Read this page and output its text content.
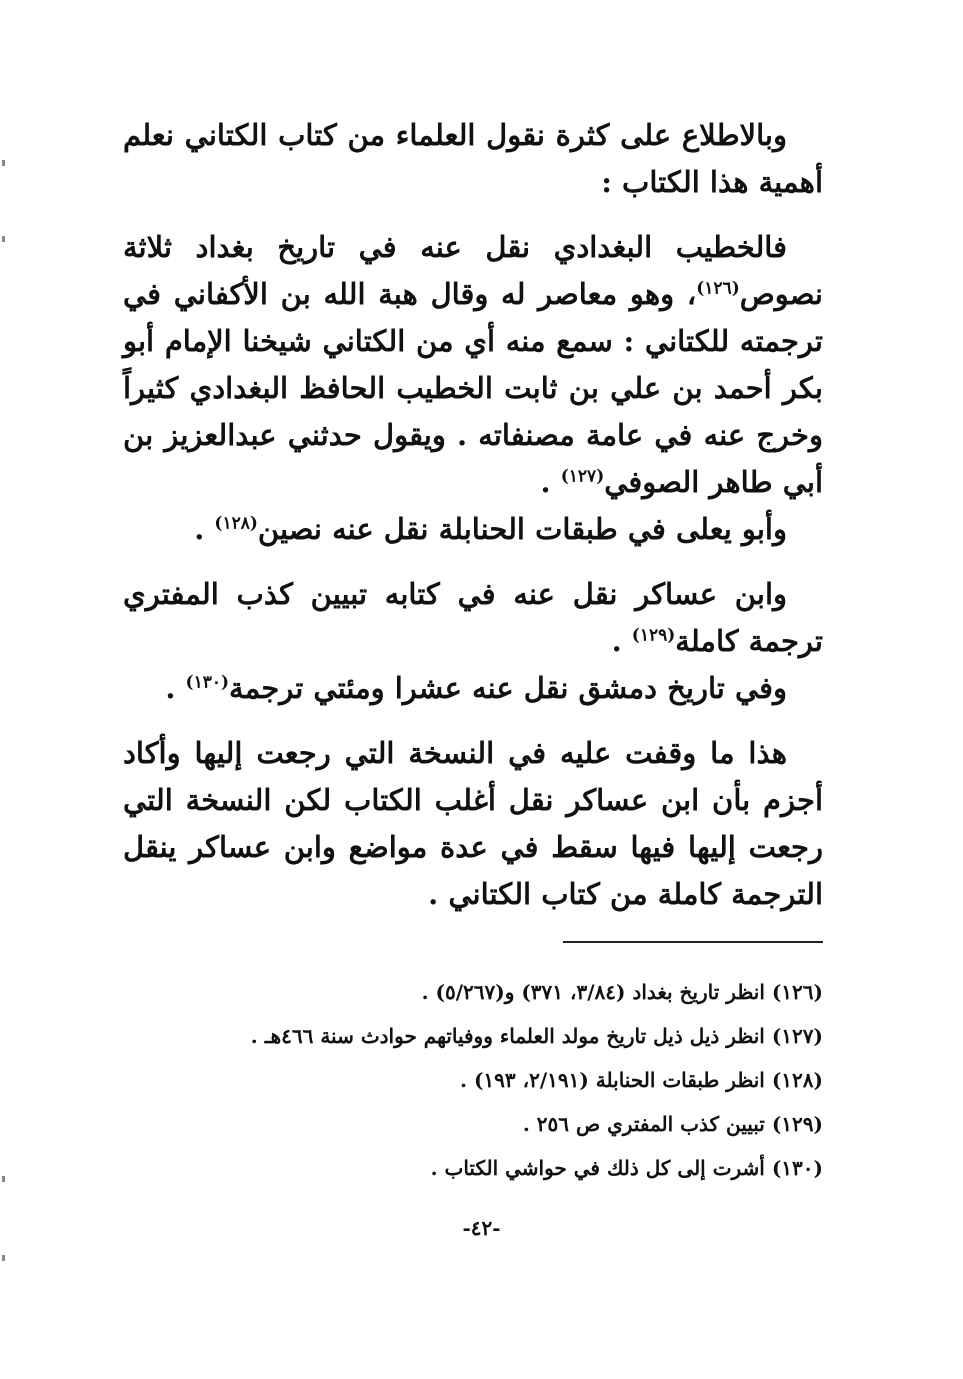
وبالاطلاع على كثرة نقول العلماء من كتاب الكتاني نعلم أهمية هذا الكتاب :

فالخطيب البغدادي نقل عنه في تاريخ بغداد ثلاثة نصوص$^{(١٢٦)}$، وهو معاصر له وقال هبة الله بن الأكفاني في ترجمته للكتاني : سمع منه أي من الكتاني شيخنا الإمام أبو بكر أحمد بن علي بن ثابت الخطيب الحافظ البغدادي كثيراً وخرج عنه في عامة مصنفاته . ويقول حدثني عبدالعزيز بن أبي طاهر الصوفي$^{(١٢٧)}$ .

وأبو يعلى في طبقات الحنابلة نقل عنه نصين$^{(١٢٨)}$ .

وابن عساكر نقل عنه في كتابه تبيين كذب المفتري ترجمة كاملة$^{(١٢٩)}$ .

وفي تاريخ دمشق نقل عنه عشرا ومئتي ترجمة$^{(١٣٠)}$ .

هذا ما وقفت عليه في النسخة التي رجعت إليها وأكاد أجزم بأن ابن عساكر نقل أغلب الكتاب لكن النسخة التي رجعت إليها فيها سقط في عدة مواضع وابن عساكر ينقل الترجمة كاملة من كتاب الكتاني .

(١٢٦) انظر تاريخ بغداد (٣/٨٤، ٣٧١) و(٥/٢٦٧) .
(١٢٧) انظر ذيل ذيل تاريخ مولد العلماء ووفياتهم حوادث سنة ٤٦٦هـ .
(١٢٨) انظر طبقات الحنابلة (٢/١٩١، ١٩٣) .
(١٢٩) تبيين كذب المفتري ص ٢٥٦ .
(١٣٠) أشرت إلى كل ذلك في حواشي الكتاب .
-٤٢-
